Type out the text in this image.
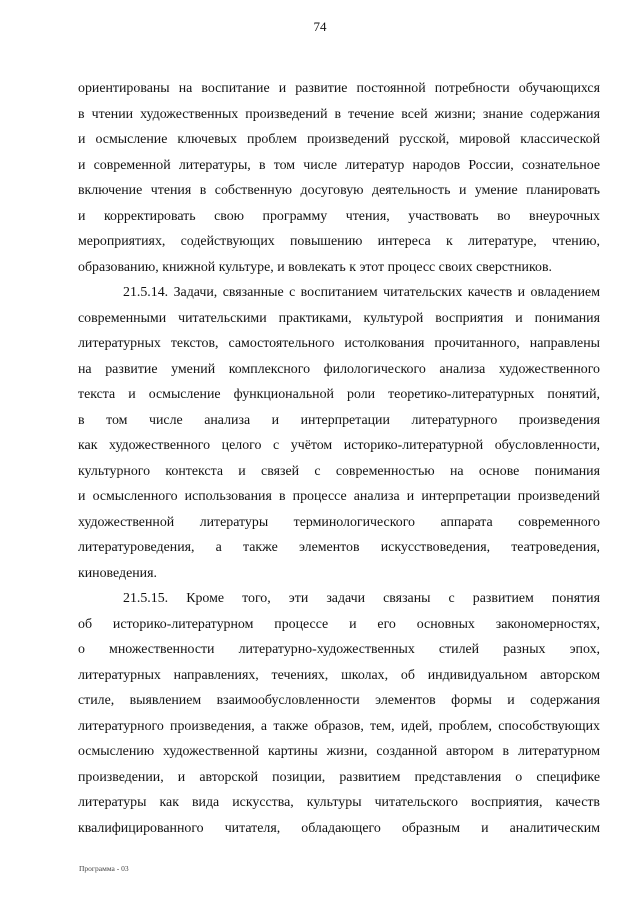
74
ориентированы на воспитание и развитие постоянной потребности обучающихся
в чтении художественных произведений в течение всей жизни; знание содержания
и осмысление ключевых проблем произведений русской, мировой классической
и современной литературы, в том числе литератур народов России, сознательное
включение чтения в собственную досуговую деятельность и умение планировать
и корректировать свою программу чтения, участвовать во внеурочных
мероприятиях, содействующих повышению интереса к литературе, чтению,
образованию, книжной культуре, и вовлекать к этот процесс своих сверстников.
21.5.14. Задачи, связанные с воспитанием читательских качеств и овладением
современными читательскими практиками, культурой восприятия и понимания
литературных текстов, самостоятельного истолкования прочитанного, направлены
на развитие умений комплексного филологического анализа художественного
текста и осмысление функциональной роли теоретико-литературных понятий,
в том числе анализа и интерпретации литературного произведения
как художественного целого с учётом историко-литературной обусловленности,
культурного контекста и связей с современностью на основе понимания
и осмысленного использования в процессе анализа и интерпретации произведений
художественной литературы терминологического аппарата современного
литературоведения, а также элементов искусствоведения, театроведения,
киноведения.
21.5.15. Кроме того, эти задачи связаны с развитием понятия
об историко-литературном процессе и его основных закономерностях,
о множественности литературно-художественных стилей разных эпох,
литературных направлениях, течениях, школах, об индивидуальном авторском
стиле, выявлением взаимообусловленности элементов формы и содержания
литературного произведения, а также образов, тем, идей, проблем, способствующих
осмыслению художественной картины жизни, созданной автором в литературном
произведении, и авторской позиции, развитием представления о специфике
литературы как вида искусства, культуры читательского восприятия, качеств
квалифицированного читателя, обладающего образным и аналитическим
Программа - 03
